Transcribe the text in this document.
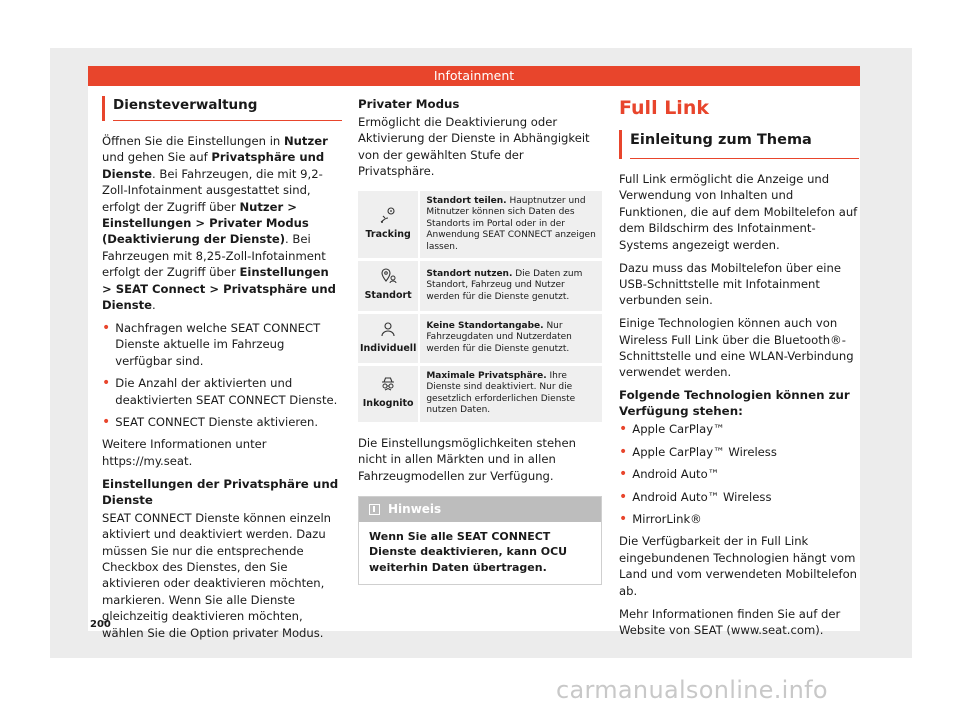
Infotainment
Diensteverwaltung

Öffnen Sie die Einstellungen in Nutzer und gehen Sie auf Privatsphäre und Dienste. Bei Fahrzeugen, die mit 9,2-Zoll-Infotainment ausgestattet sind, erfolgt der Zugriff über Nutzer > Einstellungen > Privater Modus (Deaktivierung der Dienste). Bei Fahrzeugen mit 8,25-Zoll-Infotainment erfolgt der Zugriff über Einstellungen > SEAT Connect > Privatsphäre und Dienste.

• Nachfragen welche SEAT CONNECT Dienste aktuelle im Fahrzeug verfügbar sind.
• Die Anzahl der aktivierten und deaktivierten SEAT CONNECT Dienste.
• SEAT CONNECT Dienste aktivieren.

Weitere Informationen unter https://my.seat.

Einstellungen der Privatsphäre und Dienste

SEAT CONNECT Dienste können einzeln aktiviert und deaktiviert werden. Dazu müssen Sie nur die entsprechende Checkbox des Dienstes, den Sie aktivieren oder deaktivieren möchten, markieren. Wenn Sie alle Dienste gleichzeitig deaktivieren möchten, wählen Sie die Option privater Modus.

Privater Modus

Ermöglicht die Deaktivierung oder Aktivierung der Dienste in Abhängigkeit von der gewählten Stufe der Privatsphäre.

Tracking	Standort teilen. Hauptnutzer und Mitnutzer können sich Daten des Standorts im Portal oder in der Anwendung SEAT CONNECT anzeigen lassen.

Standort	Standort nutzen. Die Daten zum Standort, Fahrzeug und Nutzer werden für die Dienste genutzt.

Individuell	Keine Standortangabe. Nur Fahrzeugdaten und Nutzerdaten werden für die Dienste genutzt.

Inkognito	Maximale Privatsphäre. Ihre Dienste sind deaktiviert. Nur die gesetzlich erforderlichen Dienste nutzen Daten.

Die Einstellungsmöglichkeiten stehen nicht in allen Märkten und in allen Fahrzeugmodellen zur Verfügung.

Hinweis
Wenn Sie alle SEAT CONNECT Dienste deaktivieren, kann OCU weiterhin Daten übertragen.
Full Link
Einleitung zum Thema

Full Link ermöglicht die Anzeige und Verwendung von Inhalten und Funktionen, die auf dem Mobiltelefon auf dem Bildschirm des Infotainment-Systems angezeigt werden.

Dazu muss das Mobiltelefon über eine USB-Schnittstelle mit Infotainment verbunden sein.

Einige Technologien können auch von Wireless Full Link über die Bluetooth®-Schnittstelle und eine WLAN-Verbindung verwendet werden.

Folgende Technologien können zur Verfügung stehen:
• Apple CarPlay™
• Apple CarPlay™ Wireless
• Android Auto™
• Android Auto™ Wireless
• MirrorLink®

Die Verfügbarkeit der in Full Link eingebundenen Technologien hängt vom Land und vom verwendeten Mobiltelefon ab.

Mehr Informationen finden Sie auf der Website von SEAT (www.seat.com).

200
carmanualsonline.info
